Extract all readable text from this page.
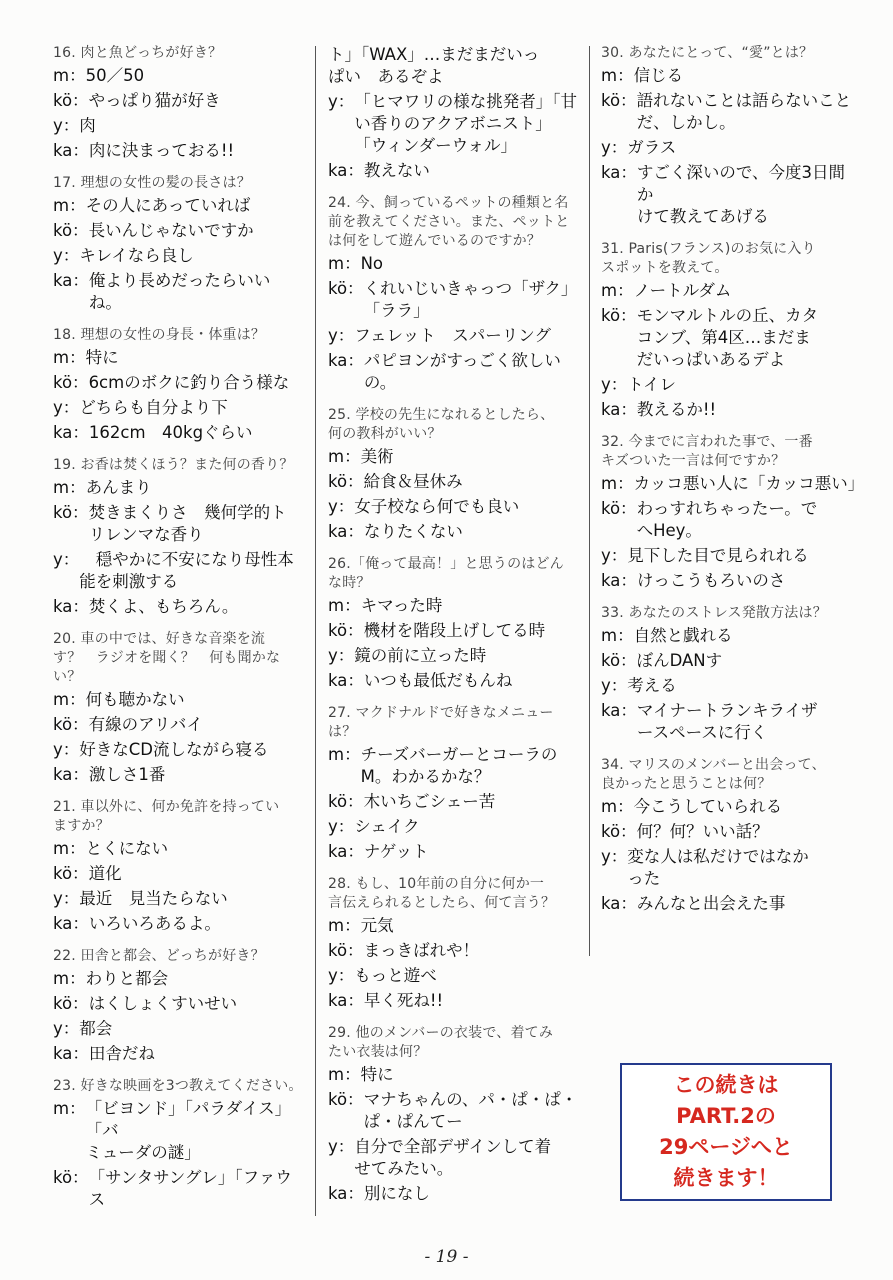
16. 肉と魚どっちが好き？
m： 50／50
kö： やっぱり猫が好き
y： 肉
ka： 肉に決まっておる!!
17. 理想の女性の髪の長さは？
m： その人にあっていれば
kö： 長いんじゃないですか
y： キレイなら良し
ka： 俺より長めだったらいいね。
18. 理想の女性の身長・体重は？
m： 特に
kö： 6cmのボクに釣り合う様な
y： どちらも自分より下
ka： 162cm　40kgぐらい
19. お香は焚くほう？また何の香り？
m： あんまり
kö： 焚きまくりさ　幾何学的ト
リレンマな香り
y：	　穏やかに不安になり母性本
能を刺激する
ka： 焚くよ、もちろん。
20. 車の中では、好きな音楽を流
す？　ラジオを聞く？　何も聞かな
い？
m： 何も聴かない
kö： 有線のアリバイ
y： 好きなCD流しながら寝る
ka： 激しさ1番
21. 車以外に、何か免許を持ってい
ますか？
m： とくにない
kö： 道化
y： 最近　見当たらない
ka： いろいろあるよ。
22. 田舎と都会、どっちが好き？
m： わりと都会
kö： はくしょくすいせい
y： 都会
ka： 田舎だね
23. 好きな映画を3つ教えてください。
m： 「ビヨンド」「パラダイス」「バ
ミューダの謎」
kö： 「サンタサングレ」「ファウス
ト」「WAX」…まだまだいっ
ぱい　あるぞよ
y： 「ヒマワリの様な挑発者」「甘
い香りのアクアボニスト」
「ウィンダーウォル」
ka： 教えない
24. 今、飼っているペットの種類と名
前を教えてください。また、ペットと
は何をして遊んでいるのですか？
m： No
kö： くれいじいきゃっつ「ザク」
「ララ」
y： フェレット　スパーリング
ka： パピヨンがすっごく欲しいの。
25. 学校の先生になれるとしたら、
何の教科がいい？
m： 美術
kö： 給食＆昼休み
y： 女子校なら何でも良い
ka： なりたくない
26.「俺って最高！」と思うのはどんな時？
m： キマった時
kö： 機材を階段上げしてる時
y： 鏡の前に立った時
ka： いつも最低だもんね
27. マクドナルドで好きなメニュー
は？
m： チーズバーガーとコーラの
M。わかるかな？
kö： 木いちごシェー苦
y： シェイク
ka： ナゲット
28. もし、10年前の自分に何か一
言伝えられるとしたら、何て言う？
m： 元気
kö： まっきばれや！
y： もっと遊べ
ka： 早く死ね!!
29. 他のメンバーの衣装で、着てみ
たい衣装は何？
m： 特に
kö： マナちゃんの、パ・ぱ・ぱ・
ぱ・ぱんてー
y： 自分で全部デザインして着
せてみたい。
ka： 別になし
30. あなたにとって、“愛”とは？
m： 信じる
kö： 語れないことは語らないこと
だ、しかし。
y： ガラス
ka： すごく深いので、今度3日間か
けて教えてあげる
31. Paris(フランス)のお気に入り
スポットを教えて。
m： ノートルダム
kö： モンマルトルの丘、カタ
コンブ、第4区…まだま
だいっぱいあるデよ
y： トイレ
ka： 教えるか!!
32. 今までに言われた事で、一番
キズついた一言は何ですか？
m： カッコ悪い人に「カッコ悪い」
kö： わっすれちゃったー。で
へHey。
y： 見下した目で見られれる
ka： けっこうもろいのさ
33. あなたのストレス発散方法は？
m： 自然と戯れる
kö： ぼんDANす
y： 考える
ka： マイナートランキライザ
ースペースに行く
34. マリスのメンバーと出会って、
良かったと思うことは何？
m： 今こうしていられる
kö： 何？何？いい話？
y： 変な人は私だけではなか
った
ka： みんなと出会えた事
この続きは
PART.2の
29ページへと
続きます！
- 19 -
